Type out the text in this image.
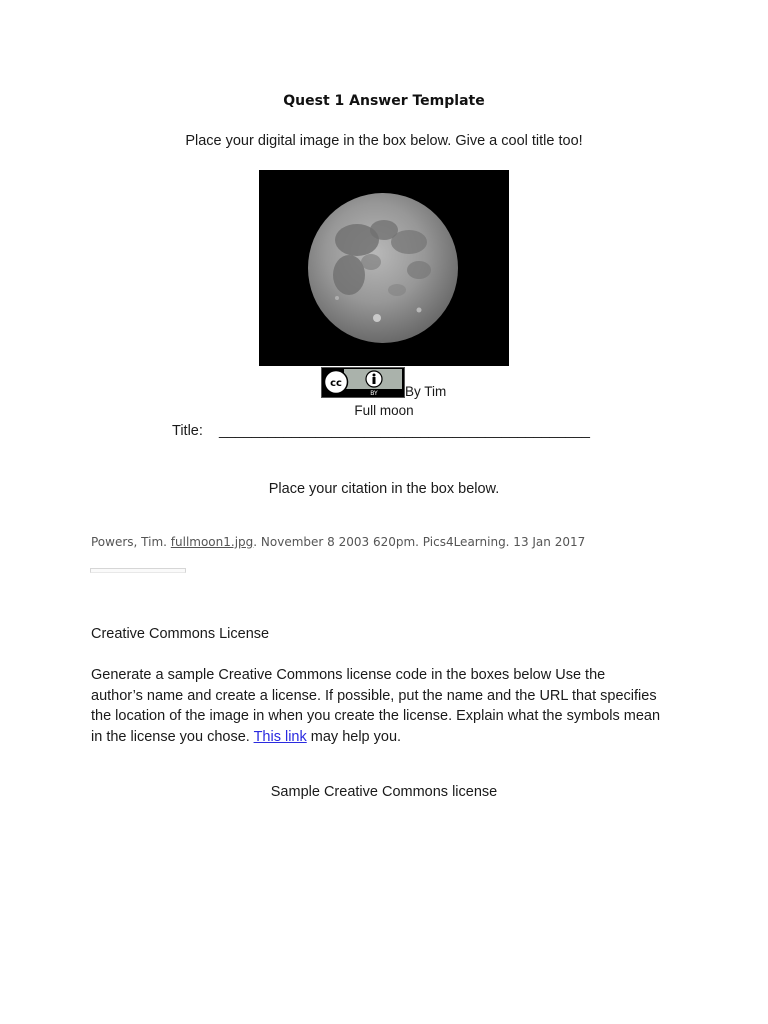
Quest 1 Answer Template
Place your digital image in the box below. Give a cool title too!
cc
BY By Tim
Full moon
Title: ______________________________________________
Place your citation in the box below.
Powers, Tim. fullmoon1.jpg. November 8 2003 620pm. Pics4Learning. 13 Jan 2017
Creative Commons License
Generate a sample Creative Commons license code in the boxes below Use the author’s name and create a license. If possible, put the name and the URL that specifies the location of the image in when you create the license. Explain what the symbols mean in the license you chose. This link may help you.
Sample Creative Commons license
